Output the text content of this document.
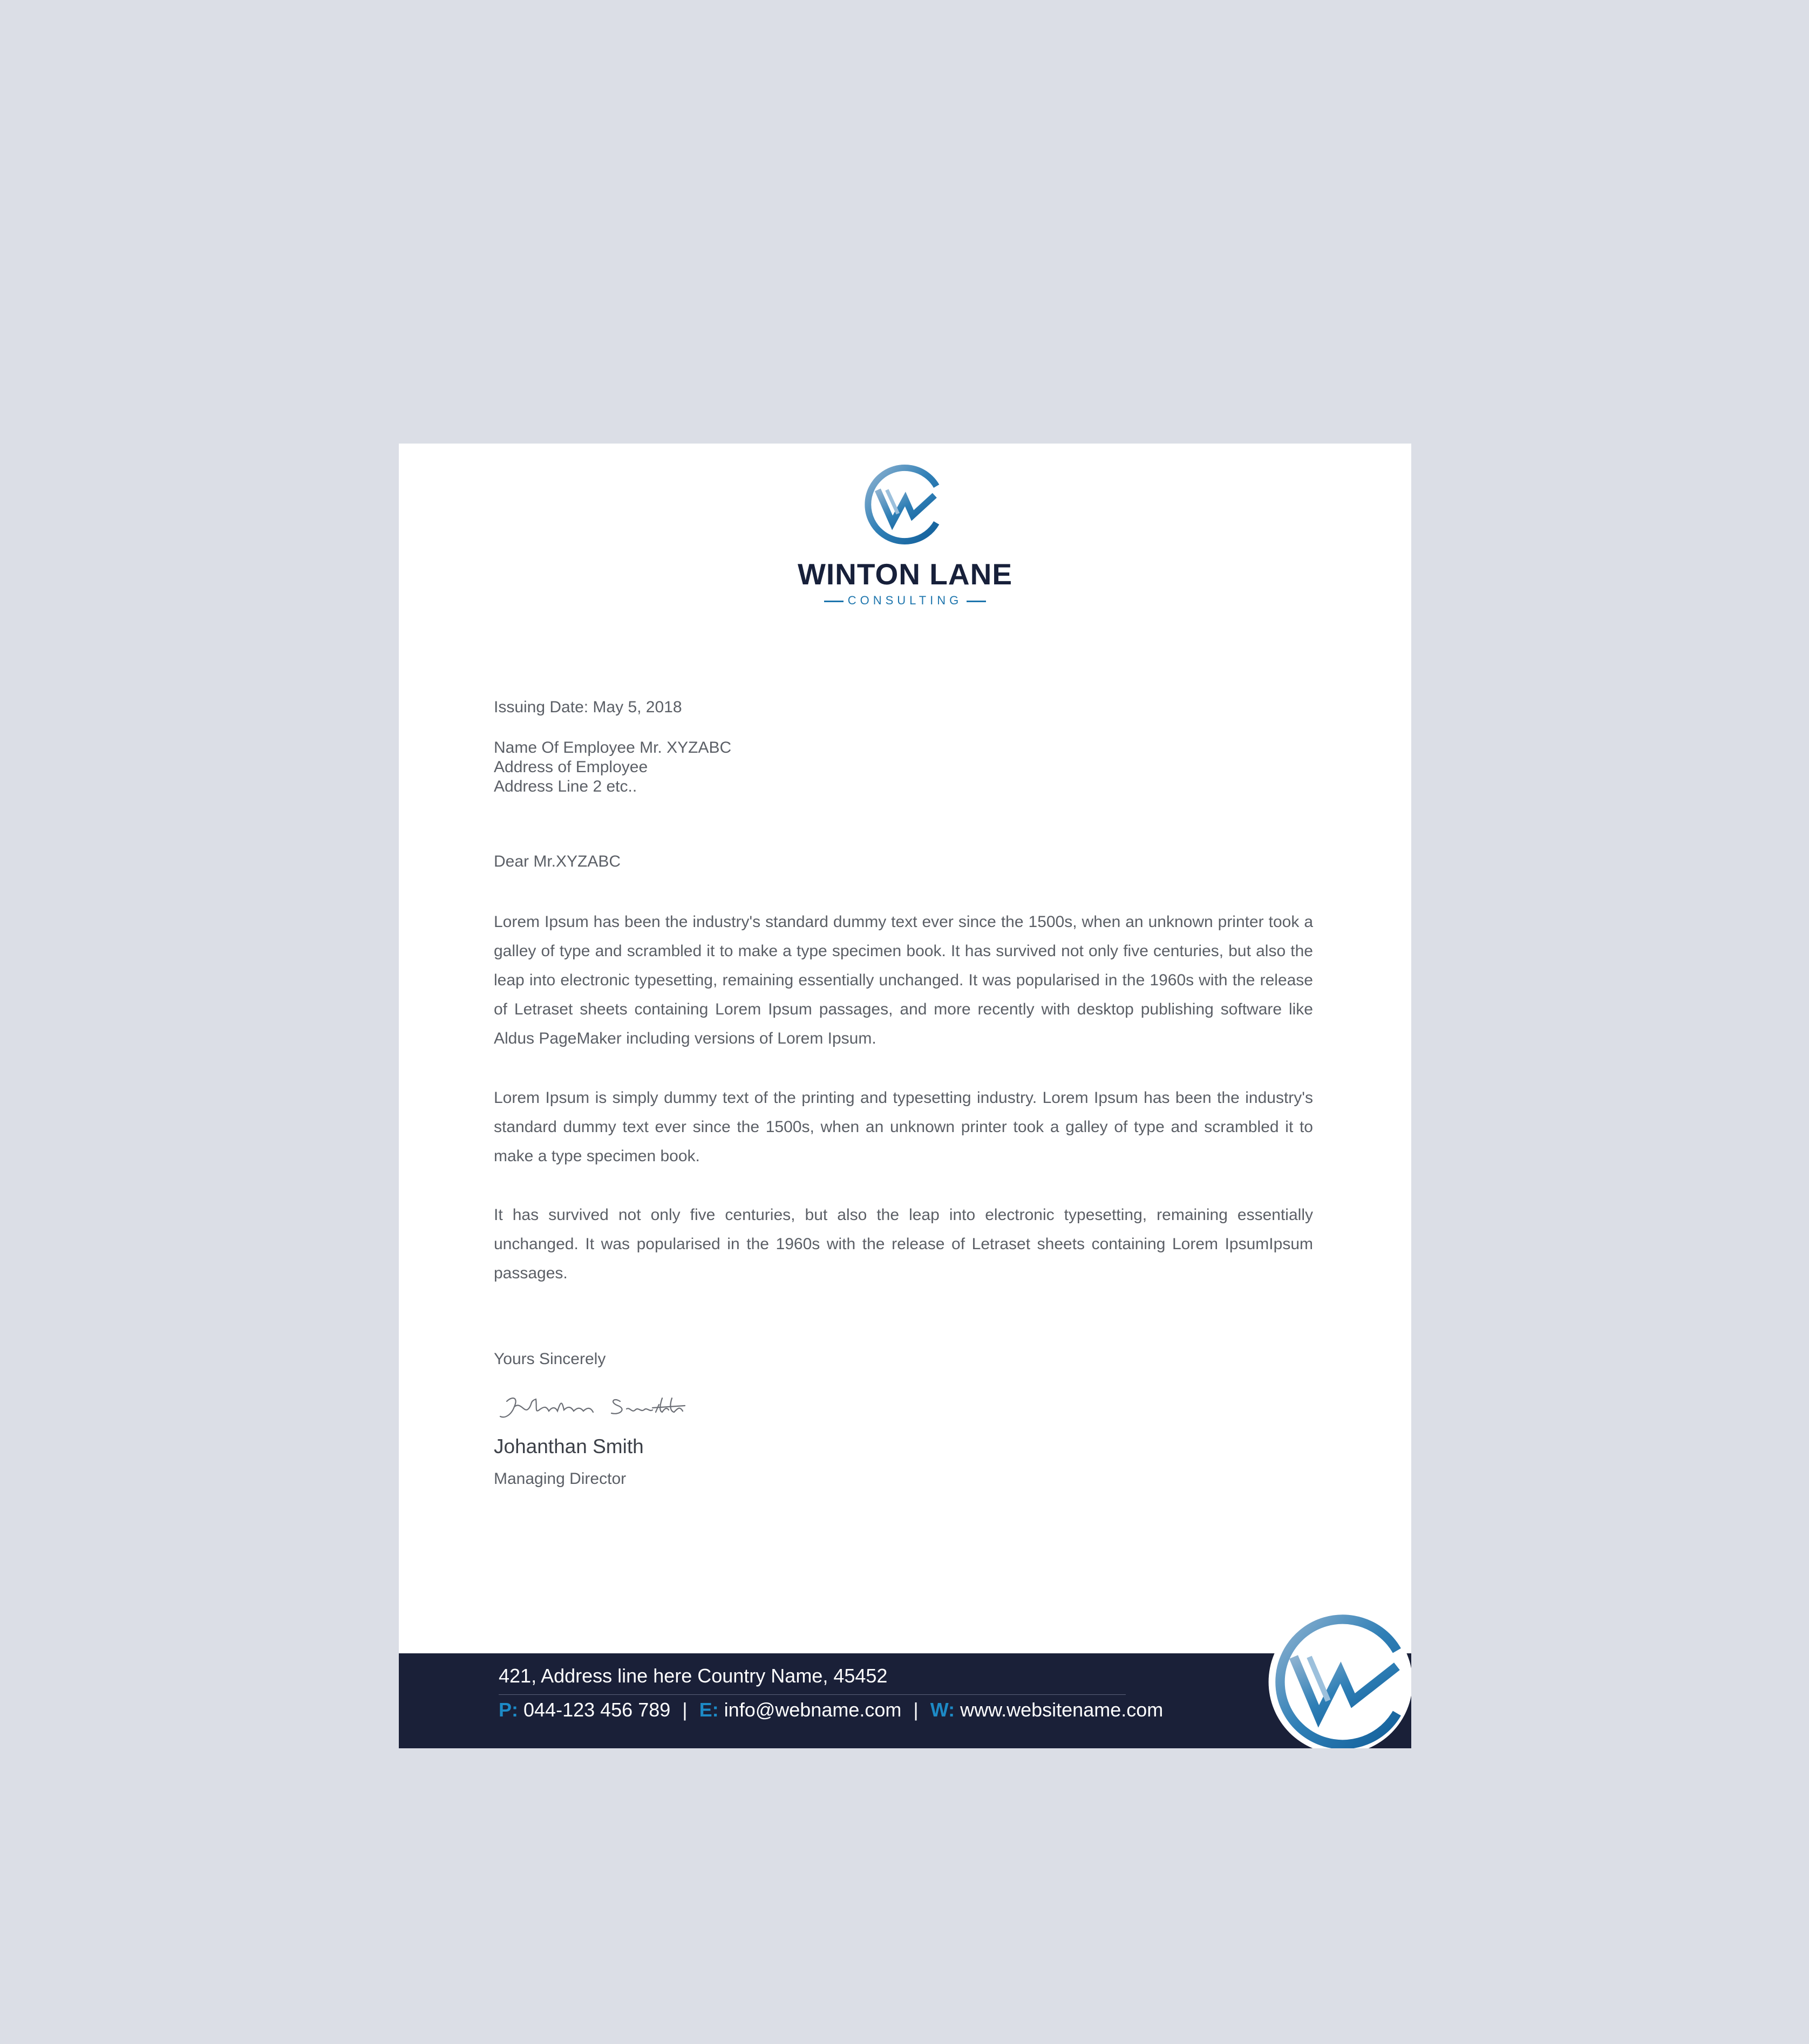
WINTON LANE
CONSULTING
Issuing Date: May 5, 2018
Name Of Employee Mr. XYZABC
Address of Employee
Address Line 2 etc..
Dear Mr.XYZABC
Lorem Ipsum has been the industry's standard dummy text ever since the 1500s, when an unknown printer took a galley of type and scrambled it to make a type specimen book. It has survived not only five centuries, but also the leap into electronic typesetting, remaining essentially unchanged. It was popularised in the 1960s with the release of Letraset sheets containing Lorem Ipsum passages, and more recently with desktop publishing software like Aldus PageMaker including versions of Lorem Ipsum.
Lorem Ipsum is simply dummy text of the printing and typesetting industry. Lorem Ipsum has been the industry's standard dummy text ever since the 1500s, when an unknown printer took a galley of type and scrambled it to make a type specimen book.
It has survived not only five centuries, but also the leap into electronic typesetting, remaining essentially unchanged. It was popularised in the 1960s with the release of Letraset sheets containing Lorem IpsumIpsum passages.
Yours Sincerely
Johanthan Smith
Managing Director
421, Address line here Country Name, 45452
P: 044-123 456 789 | E: info@webname.com | W: www.websitename.com
